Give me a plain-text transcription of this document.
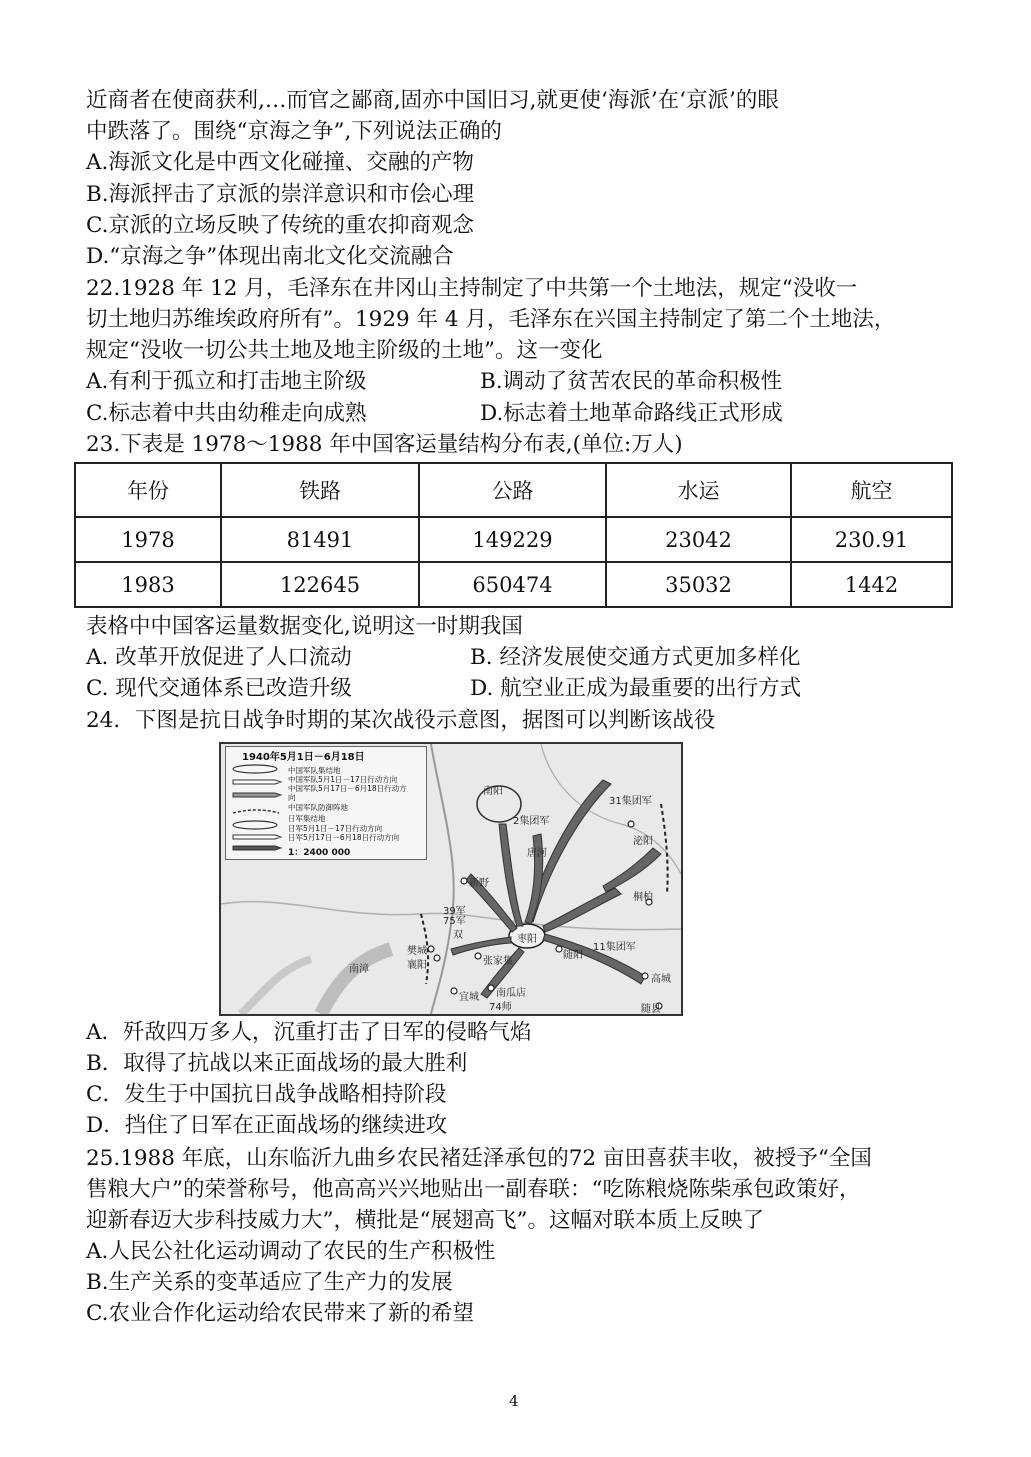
近商者在使商获利,…而官之鄙商,固亦中国旧习,就更使‘海派’在‘京派’的眼
中跌落了。围绕“京海之争”,下列说法正确的
A.海派文化是中西文化碰撞、交融的产物
B.海派抨击了京派的崇洋意识和市侩心理
C.京派的立场反映了传统的重农抑商观念
D.“京海之争”体现出南北文化交流融合
22.1928 年 12 月，毛泽东在井冈山主持制定了中共第一个土地法，规定“没收一
切土地归苏维埃政府所有”。1929 年 4 月，毛泽东在兴国主持制定了第二个土地法，
规定“没收一切公共土地及地主阶级的土地”。这一变化
A.有利于孤立和打击地主阶级	B.调动了贫苦农民的革命积极性
C.标志着中共由幼稚走向成熟	D.标志着土地革命路线正式形成
23.下表是 1978～1988 年中国客运量结构分布表,(单位:万人)
年份	铁路	公路	水运	航空
1978	81491	149229	23042	230.91
1983	122645	650474	35032	1442
表格中中国客运量数据变化,说明这一时期我国
A. 改革开放促进了人口流动	B. 经济发展使交通方式更加多样化
C. 现代交通体系已改造升级	D. 航空业正成为最重要的出行方式
24．下图是抗日战争时期的某次战役示意图，据图可以判断该战役
1940年5月1日－6月18日
中国军队集结地
中国军队5月1日－17日行动方向
中国军队5月17日－6月18日行动方
向
中国军队防御阵地
日军集结地
日军5月1日－17日行动方向
日军5月17日－6月18日行动方向
1：2400 000
南阳
2集团军
31集团军
唐河
泌阳
桐柏
新野
39军
75军
双	枣阳
11集团军
樊城
襄阳	张家集
随阳
高城
南漳
宜城 南瓜店
74师	随县
A．歼敌四万多人，沉重打击了日军的侵略气焰
B．取得了抗战以来正面战场的最大胜利
C．发生于中国抗日战争战略相持阶段
D．挡住了日军在正面战场的继续进攻
25.1988 年底，山东临沂九曲乡农民褚廷泽承包的72 亩田喜获丰收，被授予“全国
售粮大户”的荣誉称号，他高高兴兴地贴出一副春联：“吃陈粮烧陈柴承包政策好，
迎新春迈大步科技威力大”，横批是“展翅高飞”。这幅对联本质上反映了
A.人民公社化运动调动了农民的生产积极性
B.生产关系的变革适应了生产力的发展
C.农业合作化运动给农民带来了新的希望
4
